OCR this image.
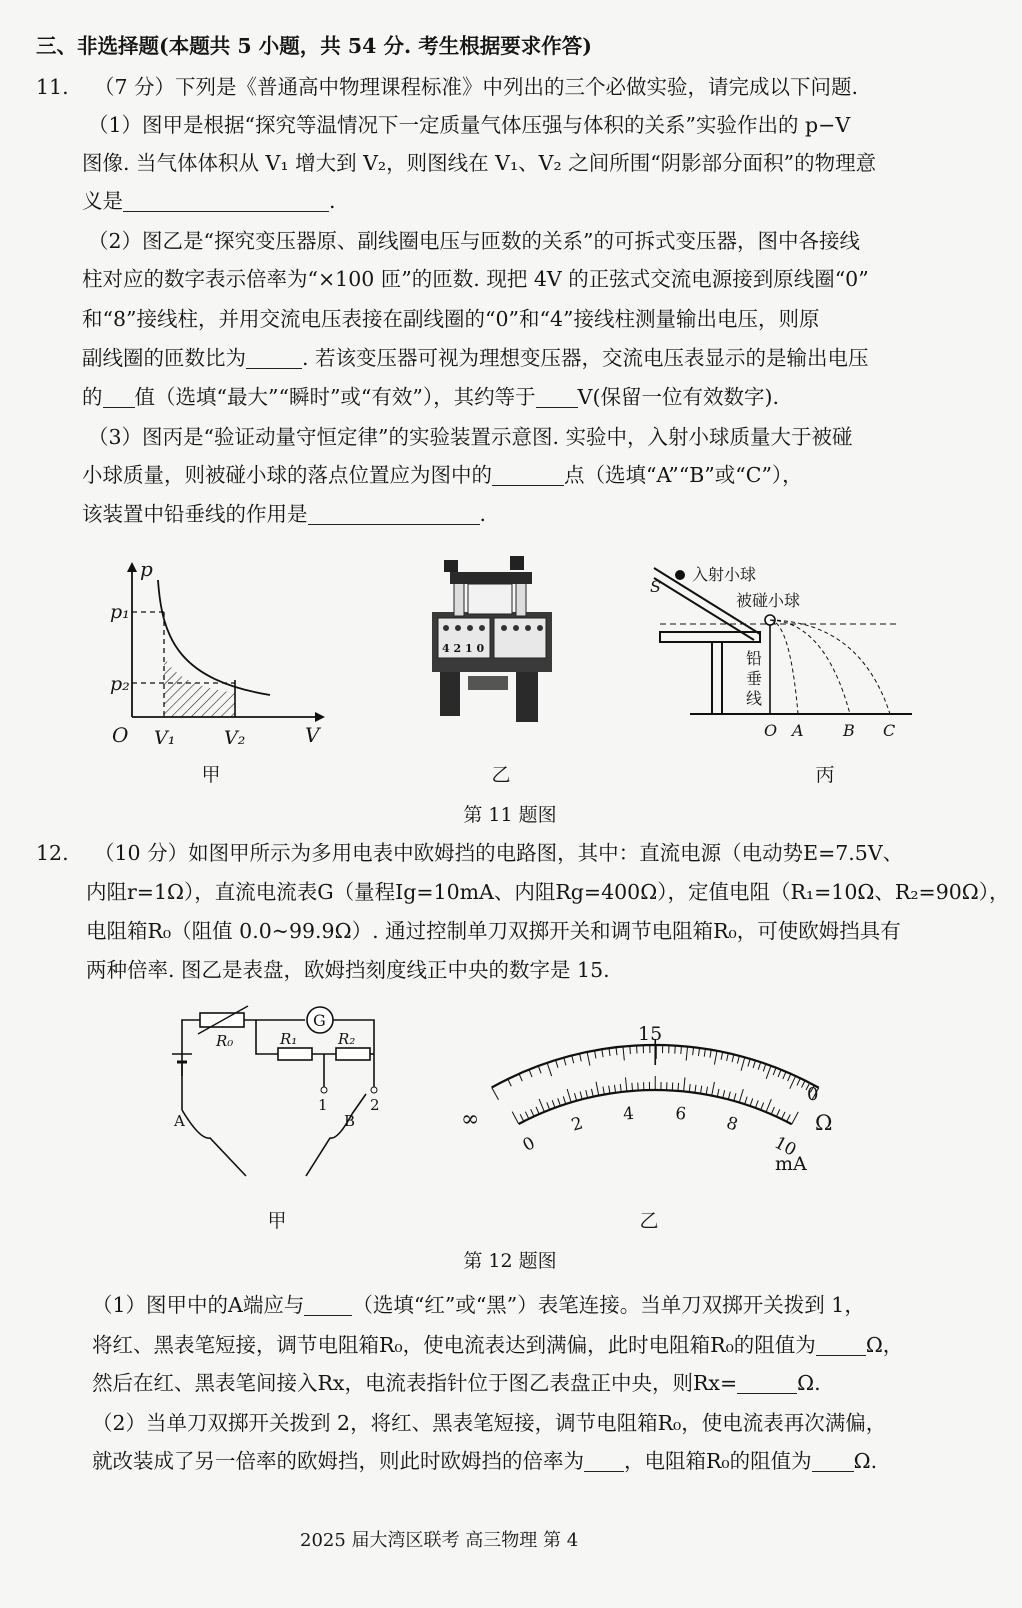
三、非选择题(本题共 5 小题，共 54 分. 考生根据要求作答)
11. （7 分）下列是《普通高中物理课程标准》中列出的三个必做实验，请完成以下问题.
（1）图甲是根据“探究等温情况下一定质量气体压强与体积的关系”实验作出的 p−V
图像. 当气体体积从 V₁ 增大到 V₂，则图线在 V₁、V₂ 之间所围“阴影部分面积”的物理意
义是	.
（2）图乙是“探究变压器原、副线圈电压与匝数的关系”的可拆式变压器，图中各接线
柱对应的数字表示倍率为“×100 匝”的匝数. 现把 4V 的正弦式交流电源接到原线圈“0”
和“8”接线柱，并用交流电压表接在副线圈的“0”和“4”接线柱测量输出电压，则原
副线圈的匝数比为	. 若该变压器可视为理想变压器，交流电压表显示的是输出电压
的 值（选填“最大”“瞬时”或“有效”），其约等于 V(保留一位有效数字).
（3）图丙是“验证动量守恒定律”的实验装置示意图. 实验中，入射小球质量大于被碰
小球质量，则被碰小球的落点位置应为图中的	点（选填“A”“B”或“C”），
该装置中铅垂线的作用是	.
p
p₁
p₂
O V₁	V₂	V
甲
4 2 1 0
乙
S
入射小球
被碰小球
铅
垂
线
O A B C
丙
第 11 题图
12. （10 分）如图甲所示为多用电表中欧姆挡的电路图，其中：直流电源（电动势E=7.5V、
内阻r=1Ω），直流电流表G（量程Ig=10mA、内阻Rg=400Ω），定值电阻（R₁=10Ω、R₂=90Ω），
电阻箱R₀（阻值 0.0~99.9Ω）. 通过控制单刀双掷开关和调节电阻箱R₀，可使欧姆挡具有
两种倍率. 图乙是表盘，欧姆挡刻度线正中央的数字是 15.
R₀
G
R₁	R₂
1	2
A	B
甲
0
2 4 6 8
10
∞
15
0
Ω
mA
乙
第 12 题图
（1）图甲中的A端应与 （选填“红”或“黑”）表笔连接。当单刀双掷开关拨到 1，
将红、黑表笔短接，调节电阻箱R₀，使电流表达到满偏，此时电阻箱R₀的阻值为 Ω，
然后在红、黑表笔间接入Rx，电流表指针位于图乙表盘正中央，则Rx=	Ω.
（2）当单刀双掷开关拨到 2，将红、黑表笔短接，调节电阻箱R₀，使电流表再次满偏，
就改装成了另一倍率的欧姆挡，则此时欧姆挡的倍率为 ，电阻箱R₀的阻值为 Ω.
2025 届大湾区联考 高三物理 第 4
